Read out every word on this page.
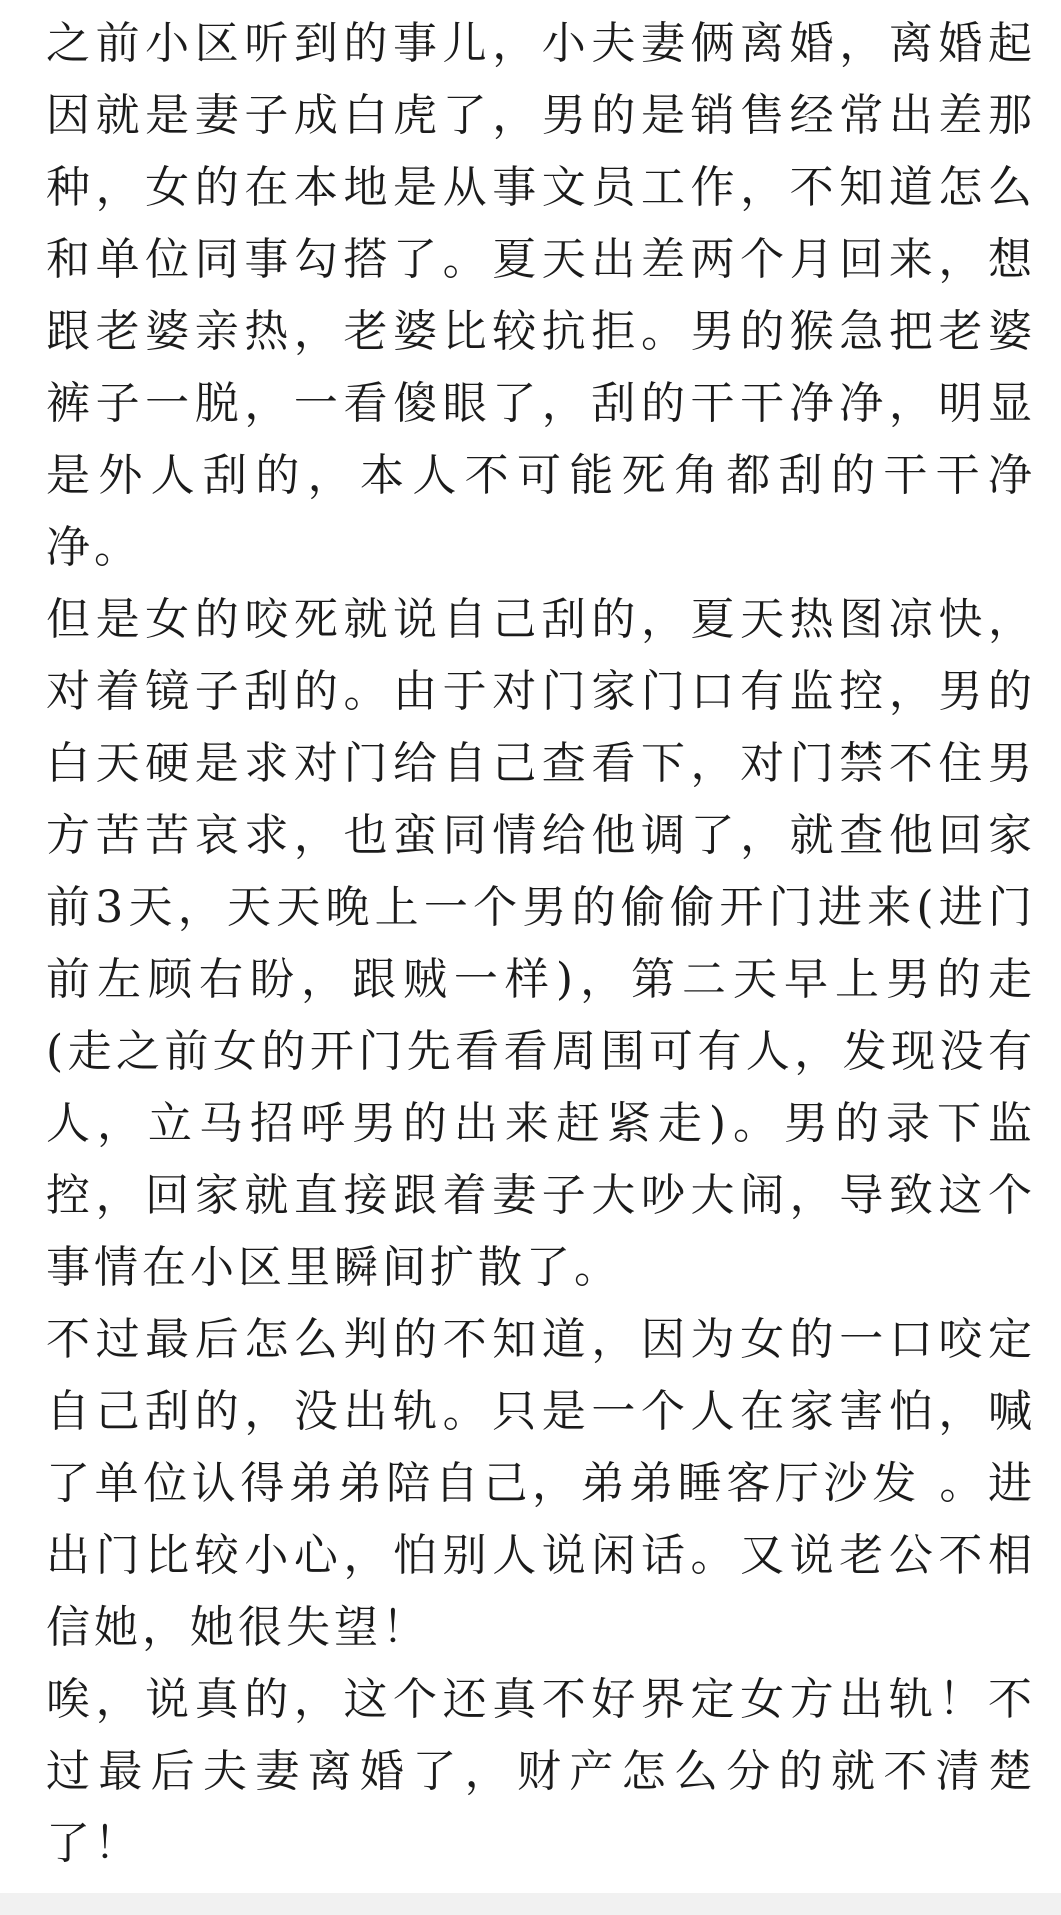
之前小区听到的事儿，小夫妻俩离婚，离婚起因就是妻子成白虎了，男的是销售经常出差那种，女的在本地是从事文员工作，不知道怎么和单位同事勾搭了。夏天出差两个月回来，想跟老婆亲热，老婆比较抗拒。男的猴急把老婆裤子一脱，一看傻眼了，刮的干干净净，明显是外人刮的，本人不可能死角都刮的干干净净。

但是女的咬死就说自己刮的，夏天热图凉快，对着镜子刮的。由于对门家门口有监控，男的白天硬是求对门给自己查看下，对门禁不住男方苦苦哀求，也蛮同情给他调了，就查他回家前3天，天天晚上一个男的偷偷开门进来(进门前左顾右盼，跟贼一样)，第二天早上男的走(走之前女的开门先看看周围可有人，发现没有人，立马招呼男的出来赶紧走)。男的录下监控，回家就直接跟着妻子大吵大闹，导致这个事情在小区里瞬间扩散了。

不过最后怎么判的不知道，因为女的一口咬定自己刮的，没出轨。只是一个人在家害怕，喊了单位认得弟弟陪自己，弟弟睡客厅沙发 。进出门比较小心，怕别人说闲话。又说老公不相信她，她很失望！

唉，说真的，这个还真不好界定女方出轨！不过最后夫妻离婚了，财产怎么分的就不清楚了！
